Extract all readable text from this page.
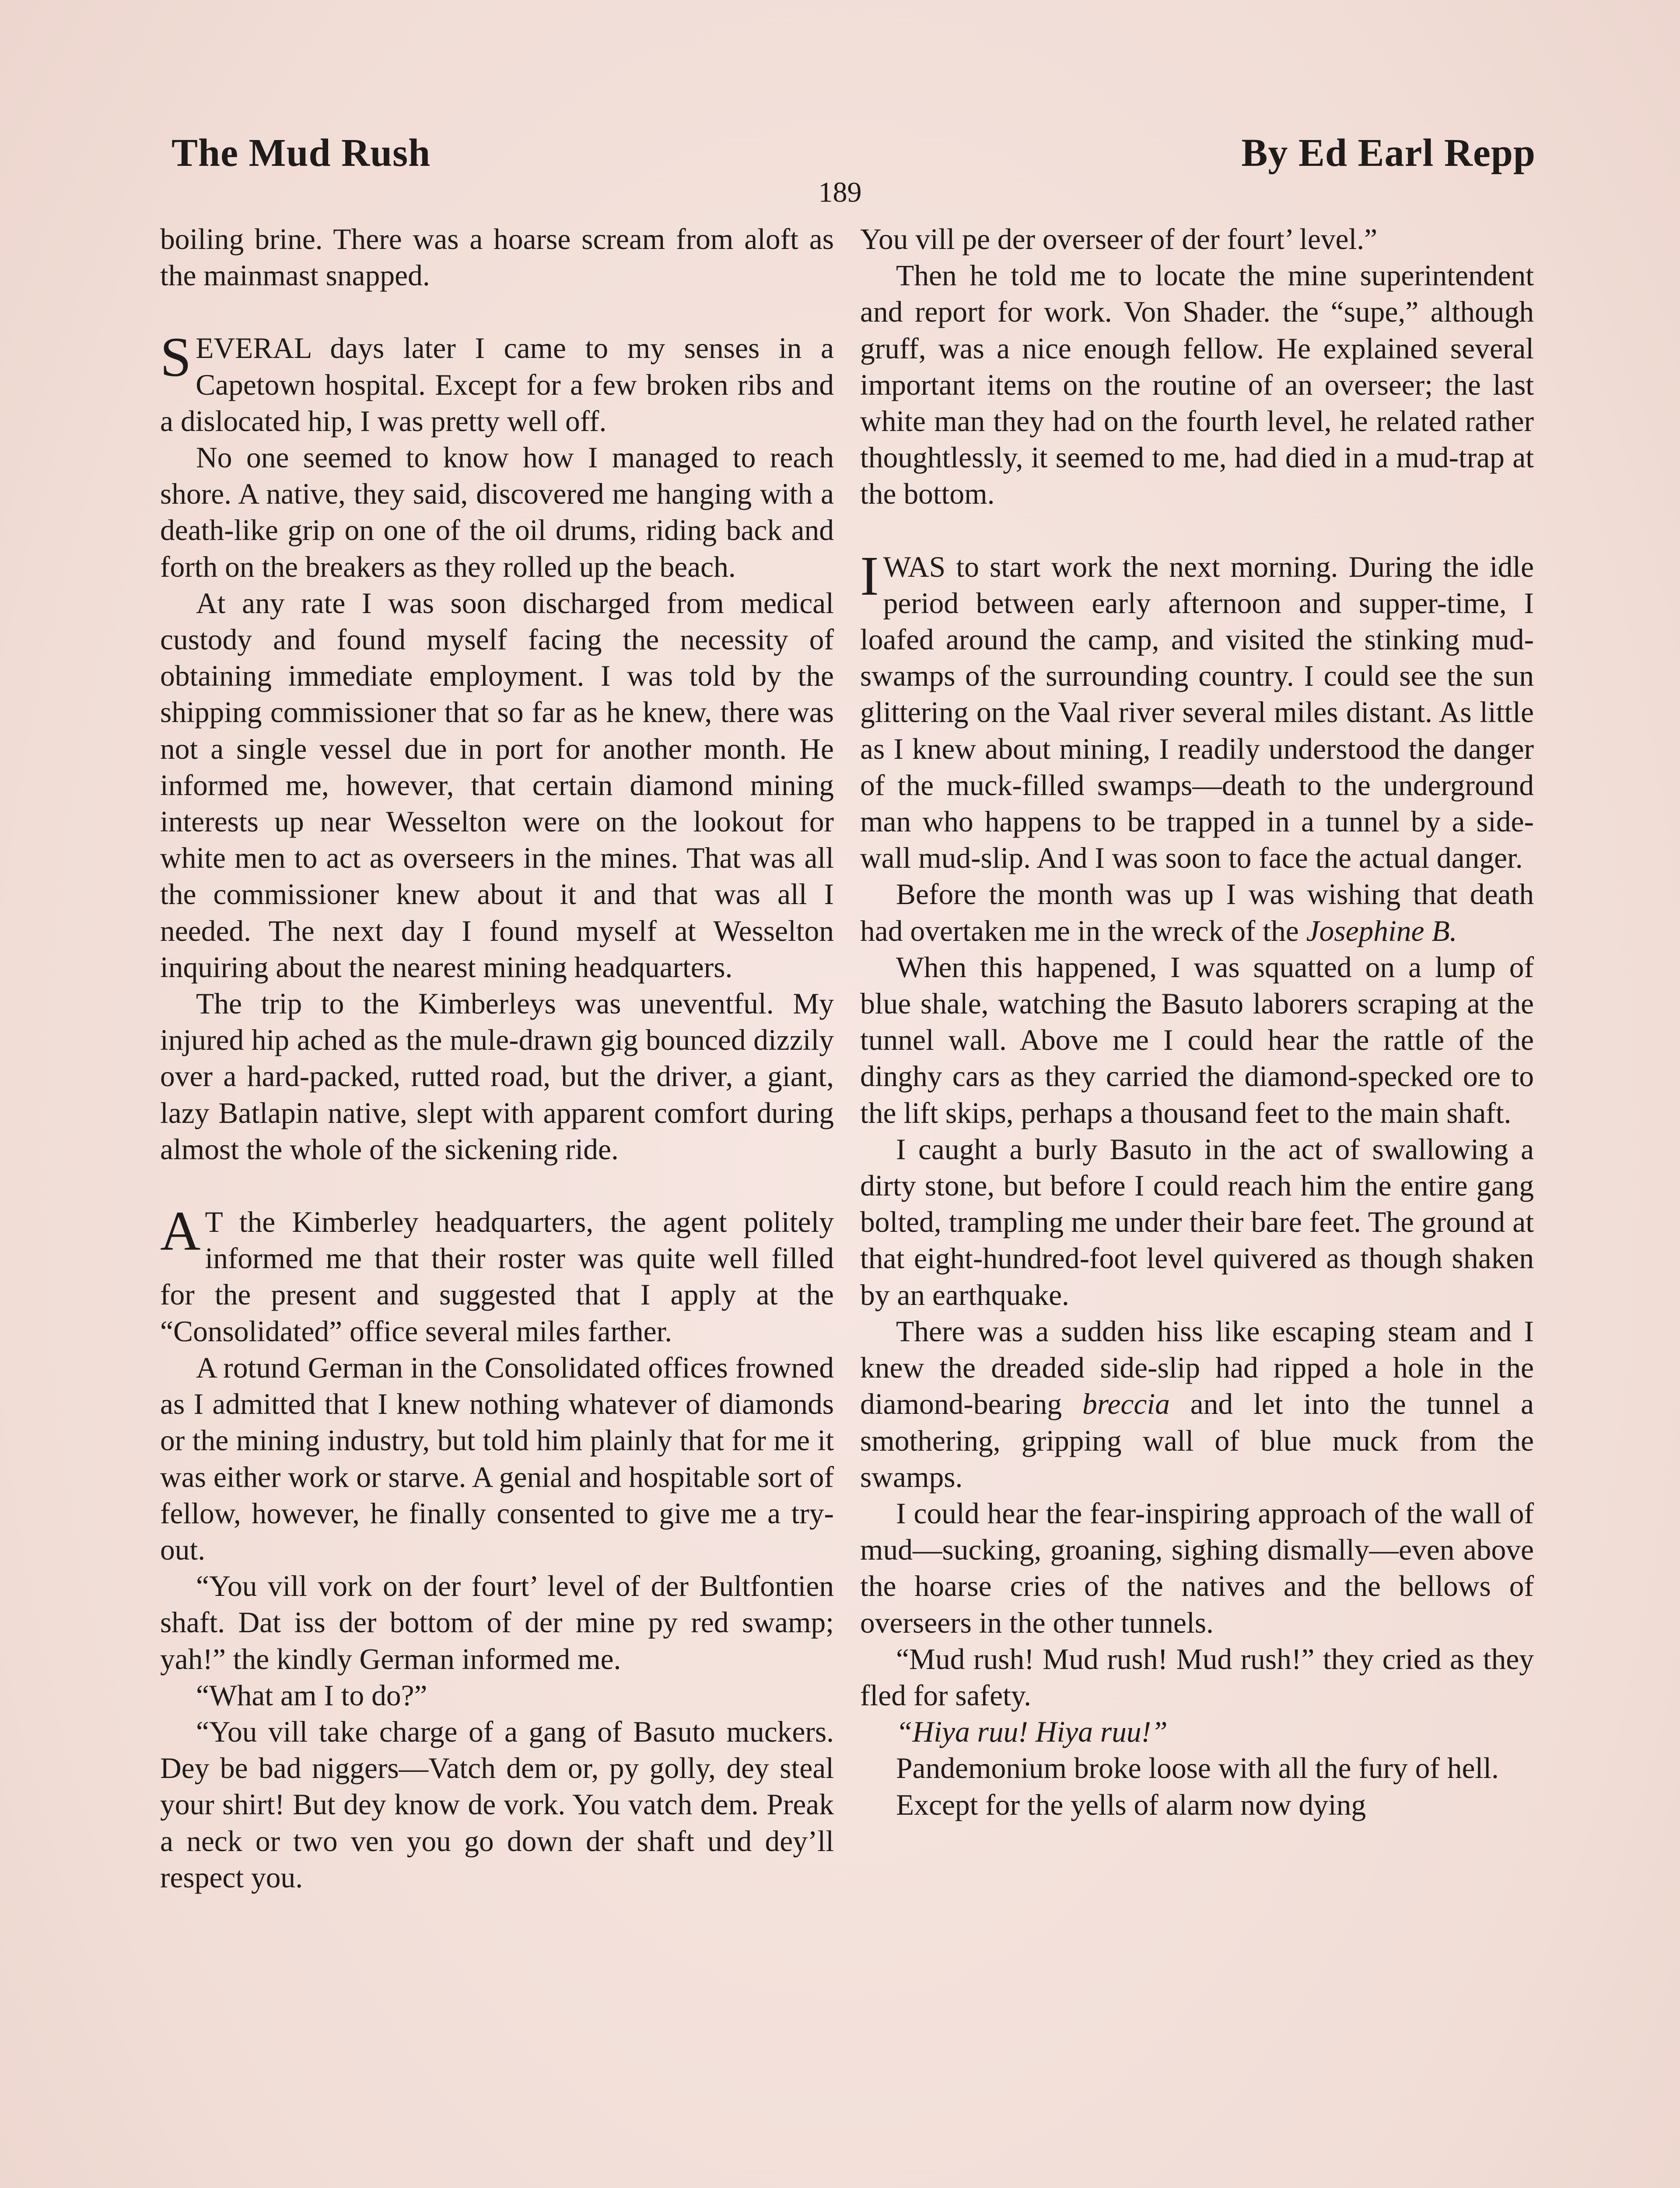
The Mud Rush	By Ed Earl Repp
189

boiling brine. There was a hoarse scream from aloft as the mainmast snapped.

SEVERAL days later I came to my senses in a Capetown hospital. Except for a few broken ribs and a dislocated hip, I was pretty well off.

No one seemed to know how I managed to reach shore. A native, they said, discovered me hanging with a death-like grip on one of the oil drums, riding back and forth on the breakers as they rolled up the beach.

At any rate I was soon discharged from medical custody and found myself facing the necessity of obtaining immediate employment. I was told by the shipping commissioner that so far as he knew, there was not a single vessel due in port for another month. He informed me, however, that certain diamond mining interests up near Wesselton were on the lookout for white men to act as overseers in the mines. That was all the commissioner knew about it and that was all I needed. The next day I found myself at Wesselton inquiring about the nearest mining headquarters.

The trip to the Kimberleys was uneventful. My injured hip ached as the mule-drawn gig bounced dizzily over a hard-packed, rutted road, but the driver, a giant, lazy Batlapin native, slept with apparent comfort during almost the whole of the sickening ride.

A T the Kimberley headquarters, the agent politely informed me that their roster was quite well filled for the present and suggested that I apply at the “Consolidated” office several miles farther.

A rotund German in the Consolidated offices frowned as I admitted that I knew nothing whatever of diamonds or the mining industry, but told him plainly that for me it was either work or starve. A genial and hospitable sort of fellow, however, he finally consented to give me a try-out.

“You vill vork on der fourt’ level of der Bultfontien shaft. Dat iss der bottom of der mine py red swamp; yah!” the kindly German informed me.

“What am I to do?”

“You vill take charge of a gang of Basuto muckers. Dey be bad niggers—Vatch dem or, py golly, dey steal your shirt! But dey know de vork. You vatch dem. Preak a neck or two ven you go down der shaft und dey’ll respect you.

You vill pe der overseer of der fourt’ level.”

Then he told me to locate the mine superintendent and report for work. Von Shader. the “supe,” although gruff, was a nice enough fellow. He explained several important items on the routine of an overseer; the last white man they had on the fourth level, he related rather thoughtlessly, it seemed to me, had died in a mud-trap at the bottom.

I WAS to start work the next morning. During the idle period between early afternoon and supper-time, I loafed around the camp, and visited the stinking mud-swamps of the surrounding country. I could see the sun glittering on the Vaal river several miles distant. As little as I knew about mining, I readily understood the danger of the muck-filled swamps—death to the underground man who happens to be trapped in a tunnel by a side-wall mud-slip. And I was soon to face the actual danger.

Before the month was up I was wishing that death had overtaken me in the wreck of the Josephine B.

When this happened, I was squatted on a lump of blue shale, watching the Basuto laborers scraping at the tunnel wall. Above me I could hear the rattle of the dinghy cars as they carried the diamond-specked ore to the lift skips, perhaps a thousand feet to the main shaft.

I caught a burly Basuto in the act of swallowing a dirty stone, but before I could reach him the entire gang bolted, trampling me under their bare feet. The ground at that eight-hundred-foot level quivered as though shaken by an earthquake.

There was a sudden hiss like escaping steam and I knew the dreaded side-slip had ripped a hole in the diamond-bearing breccia and let into the tunnel a smothering, gripping wall of blue muck from the swamps.

I could hear the fear-inspiring approach of the wall of mud—sucking, groaning, sighing dismally—even above the hoarse cries of the natives and the bellows of overseers in the other tunnels.

“Mud rush! Mud rush! Mud rush!” they cried as they fled for safety.

“Hiya ruu! Hiya ruu!”

Pandemonium broke loose with all the fury of hell.

Except for the yells of alarm now dying
